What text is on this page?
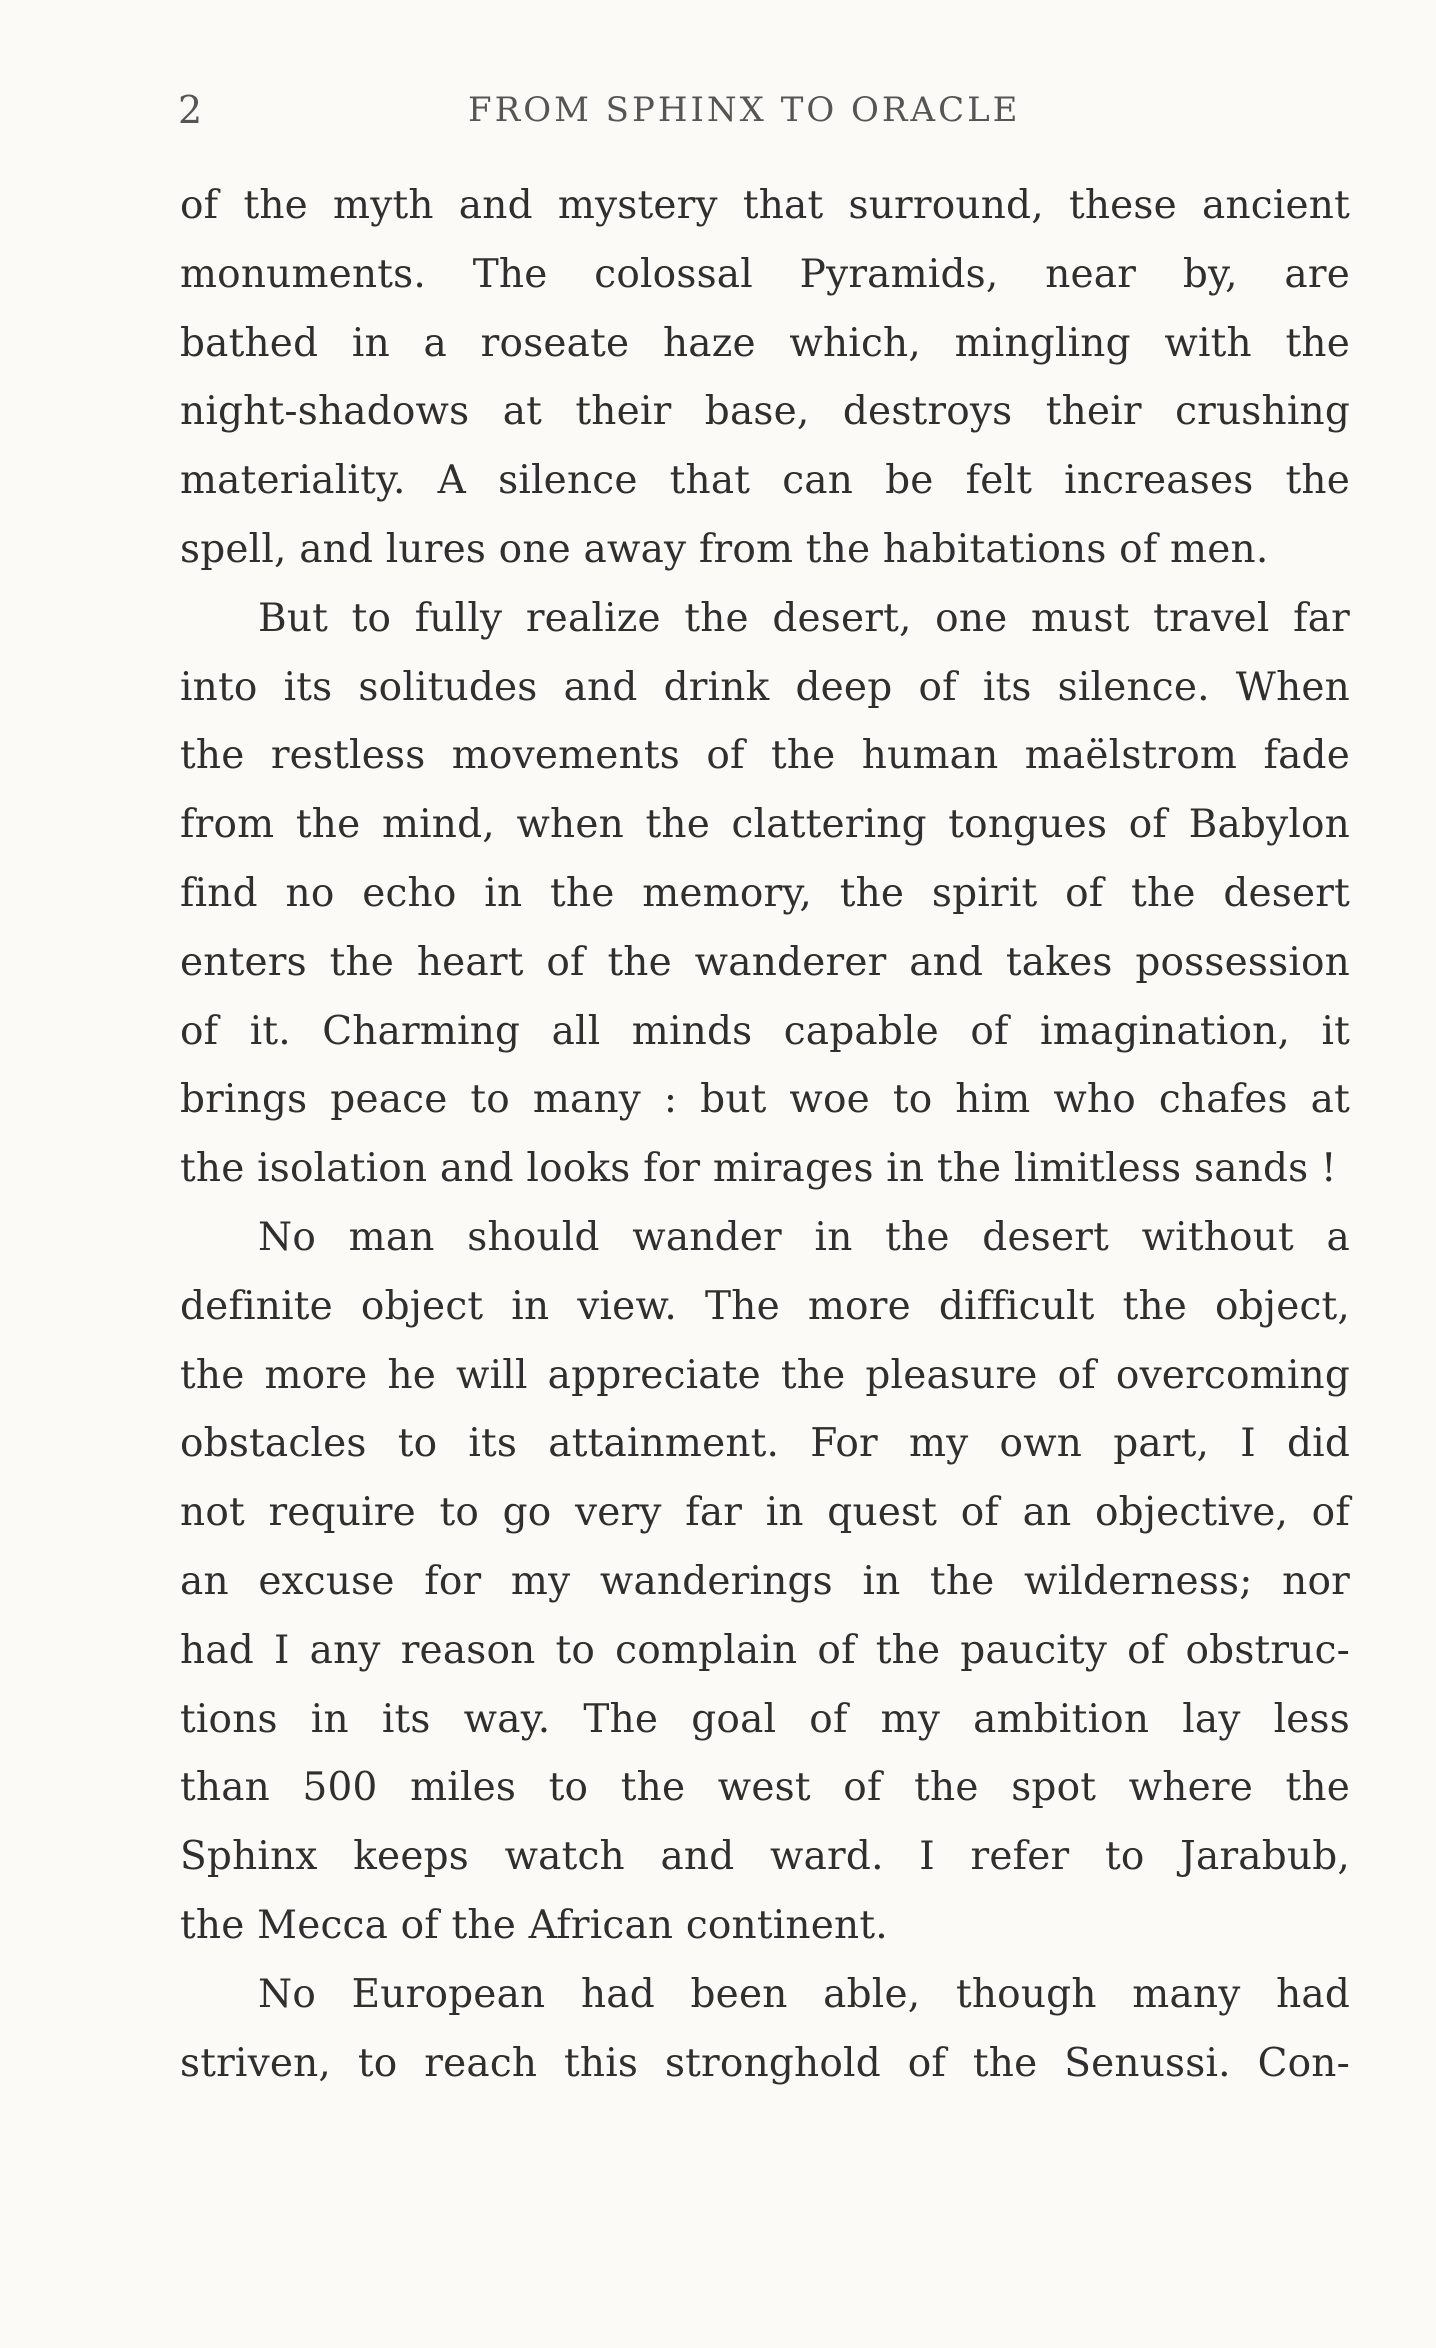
2	FROM SPHINX TO ORACLE
of the myth and mystery that surround, these ancient
monuments. The colossal Pyramids, near by, are
bathed in a roseate haze which, mingling with the
night-shadows at their base, destroys their crushing
materiality. A silence that can be felt increases the
spell, and lures one away from the habitations of men.
But to fully realize the desert, one must travel far
into its solitudes and drink deep of its silence. When
the restless movements of the human maëlstrom fade
from the mind, when the clattering tongues of Babylon
find no echo in the memory, the spirit of the desert
enters the heart of the wanderer and takes possession
of it. Charming all minds capable of imagination, it
brings peace to many : but woe to him who chafes at
the isolation and looks for mirages in the limitless sands !
No man should wander in the desert without a
definite object in view. The more difficult the object,
the more he will appreciate the pleasure of overcoming
obstacles to its attainment. For my own part, I did
not require to go very far in quest of an objective, of
an excuse for my wanderings in the wilderness; nor
had I any reason to complain of the paucity of obstruc-
tions in its way. The goal of my ambition lay less
than 500 miles to the west of the spot where the
Sphinx keeps watch and ward. I refer to Jarabub,
the Mecca of the African continent.
No European had been able, though many had
striven, to reach this stronghold of the Senussi. Con-
